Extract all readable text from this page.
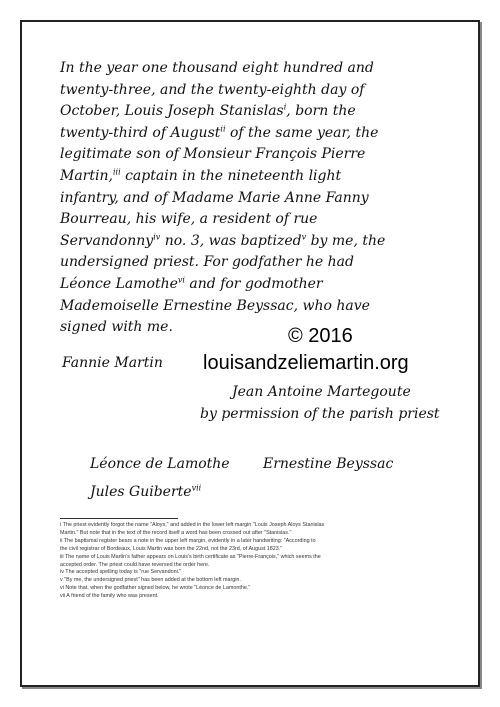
In the year one thousand eight hundred and
twenty-three, and the twenty-eighth day of
October, Louis Joseph Stanislas$^i$, born the
twenty-third of August$^{ii}$ of the same year, the
legitimate son of Monsieur François Pierre
Martin,$^{iii}$ captain in the nineteenth light
infantry, and of Madame Marie Anne Fanny
Bourreau, his wife, a resident of rue
Servandonny$^{iv}$ no. 3, was baptized$^v$ by me, the
undersigned priest. For godfather he had
Léonce Lamothe$^{vi}$ and for godmother
Mademoiselle Ernestine Beyssac, who have
signed with me.	© 2016
louisandzeliemartin.org
Fannie Martin
Jean Antoine Martegoute
by permission of the parish priest
Léonce de Lamothe Ernestine Beyssac
Jules Guiberte$^{vii}$
i The priest evidently forgot the name "Aloys," and added in the lower left margin "Louis Joseph Aloys Stanislas
Martin." But note that in the text of the record itself a word has been crossed out after "Stanislas."
ii The baptismal register bears a note in the upper left margin, evidently in a later handwriting: "According to
the civil registrar of Bordeaux, Louis Martin was born the 22nd, not the 23rd, of August 1823."
iii The name of Louis Martin's father appears on Louis's birth certificate as "Pierre-François," which seems the
accepted order. The priest could have reversed the order here.
iv The accepted spelling today is "rue Servandoni."
v "By me, the undersigned priest" has been added at the bottom left margin.
vi Note that, when the godfather signed below, he wrote "Léonce de Lamonthe."
vii A friend of the family who was present.
